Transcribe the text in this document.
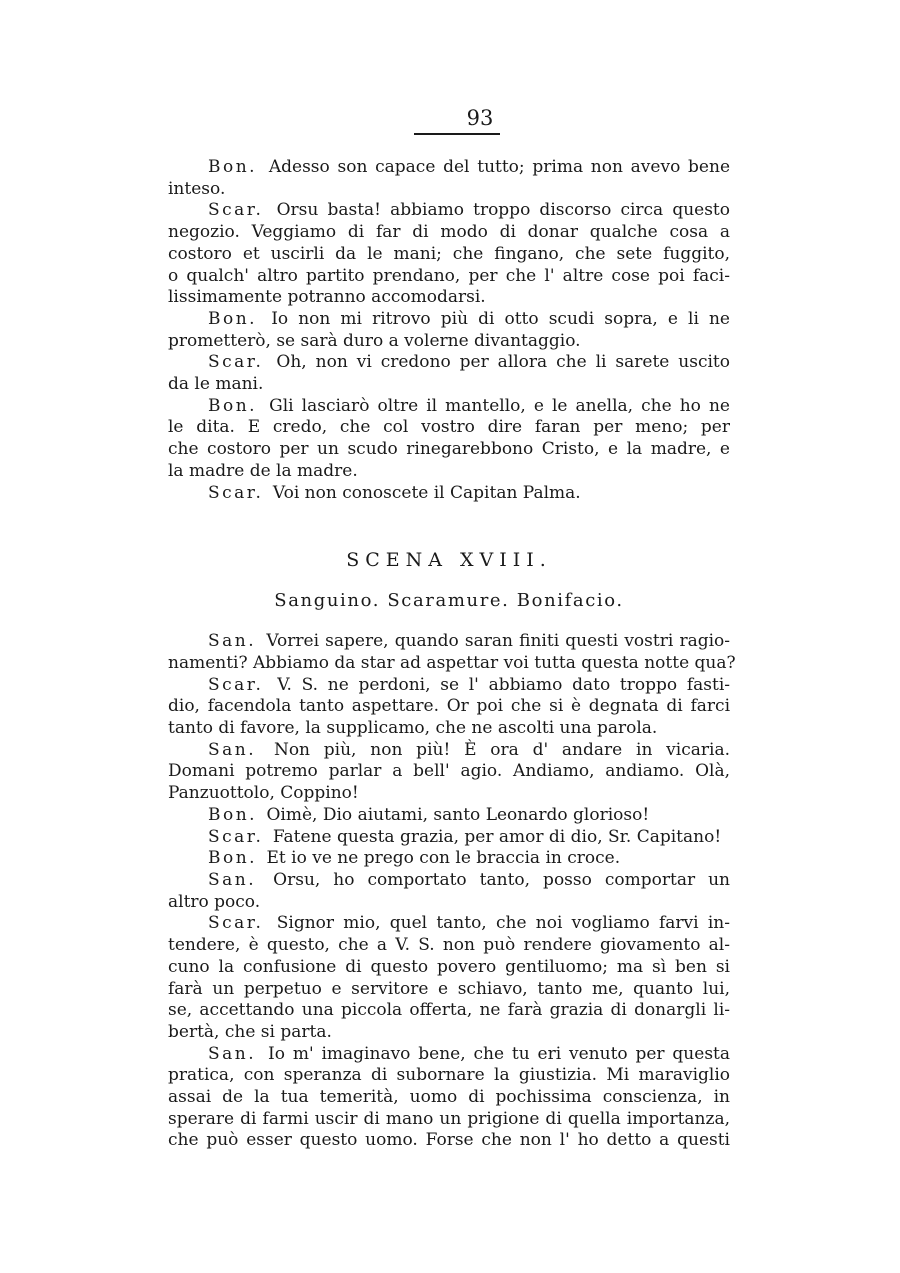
93

Bon. Adesso son capace del tutto; prima non avevo bene
inteso.

Scar. Orsu basta! abbiamo troppo discorso circa questo
negozio. Veggiamo di far di modo di donar qualche cosa a
costoro et uscirli da le mani; che fingano, che sete fuggito,
o qualch' altro partito prendano, per che l' altre cose poi faci-
lissimamente potranno accomodarsi.

Bon. Io non mi ritrovo più di otto scudi sopra, e li ne
prometterò, se sarà duro a volerne divantaggio.

Scar. Oh, non vi credono per allora che li sarete uscito
da le mani.

Bon. Gli lasciarò oltre il mantello, e le anella, che ho ne
le dita. E credo, che col vostro dire faran per meno; per
che costoro per un scudo rinegarebbono Cristo, e la madre, e
la madre de la madre.

Scar. Voi non conoscete il Capitan Palma.

SCENA XVIII.
Sanguino. Scaramure. Bonifacio.

San. Vorrei sapere, quando saran finiti questi vostri ragio-
namenti? Abbiamo da star ad aspettar voi tutta questa notte qua?

Scar. V. S. ne perdoni, se l' abbiamo dato troppo fasti-
dio, facendola tanto aspettare. Or poi che si è degnata di farci
tanto di favore, la supplicamo, che ne ascolti una parola.

San. Non più, non più! È ora d' andare in vicaria.
Domani potremo parlar a bell' agio. Andiamo, andiamo. Olà,
Panzuottolo, Coppino!

Bon. Oimè, Dio aiutami, santo Leonardo glorioso!

Scar. Fatene questa grazia, per amor di dio, Sr. Capitano!

Bon. Et io ve ne prego con le braccia in croce.

San. Orsu, ho comportato tanto, posso comportar un
altro poco.

Scar. Signor mio, quel tanto, che noi vogliamo farvi in-
tendere, è questo, che a V. S. non può rendere giovamento al-
cuno la confusione di questo povero gentiluomo; ma sì ben si
farà un perpetuo e servitore e schiavo, tanto me, quanto lui,
se, accettando una piccola offerta, ne farà grazia di donargli li-
bertà, che si parta.

San. Io m' imaginavo bene, che tu eri venuto per questa
pratica, con speranza di subornare la giustizia. Mi maraviglio
assai de la tua temerità, uomo di pochissima conscienza, in
sperare di farmi uscir di mano un prigione di quella importanza,
che può esser questo uomo. Forse che non l' ho detto a questi
